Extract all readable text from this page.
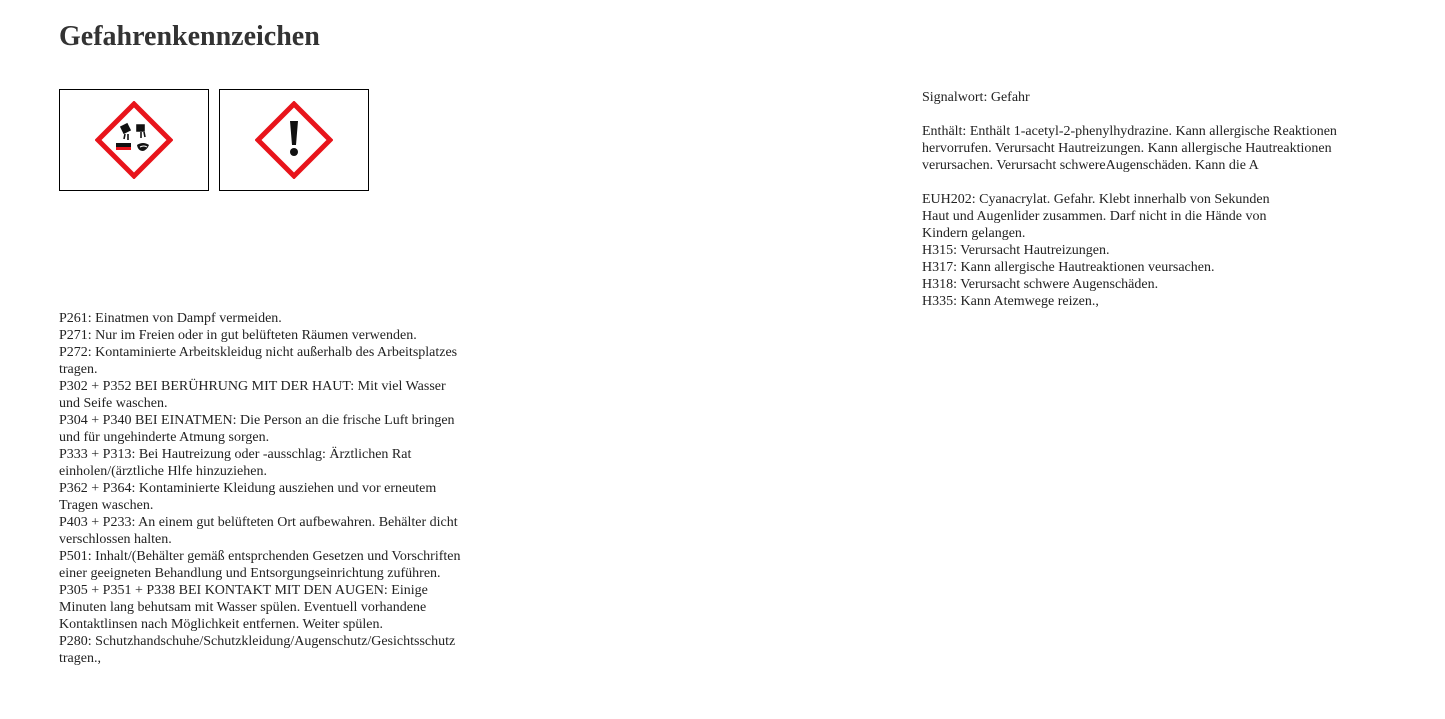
Gefahrenkennzeichen

Signalwort: Gefahr

Enthält: Enthält 1-acetyl-2-phenylhydrazine. Kann allergische Reaktionen

hervorrufen. Verursacht Hautreizungen. Kann allergische Hautreaktionen

verursachen. Verursacht schwereAugenschäden. Kann die A

EUH202: Cyanacrylat. Gefahr. Klebt innerhalb von Sekunden

Haut und Augenlider zusammen. Darf nicht in die Hände von

Kindern gelangen.

H315: Verursacht Hautreizungen.

H317: Kann allergische Hautreaktionen veursachen.

H318: Verursacht schwere Augenschäden.

H335: Kann Atemwege reizen.,

P261: Einatmen von Dampf vermeiden.

P271: Nur im Freien oder in gut belüfteten Räumen verwenden.

P272: Kontaminierte Arbeitskleidug nicht außerhalb des Arbeitsplatzes

tragen.

P302 + P352 BEI BERÜHRUNG MIT DER HAUT: Mit viel Wasser

und Seife waschen.

P304 + P340 BEI EINATMEN: Die Person an die frische Luft bringen

und für ungehinderte Atmung sorgen.

P333 + P313: Bei Hautreizung oder -ausschlag: Ärztlichen Rat

einholen/(ärztliche Hlfe hinzuziehen.

P362 + P364: Kontaminierte Kleidung ausziehen und vor erneutem

Tragen waschen.

P403 + P233: An einem gut belüfteten Ort aufbewahren. Behälter dicht

verschlossen halten.

P501: Inhalt/(Behälter gemäß entsprchenden Gesetzen und Vorschriften

einer geeigneten Behandlung und Entsorgungseinrichtung zuführen.

P305 + P351 + P338 BEI KONTAKT MIT DEN AUGEN: Einige

Minuten lang behutsam mit Wasser spülen. Eventuell vorhandene

Kontaktlinsen nach Möglichkeit entfernen. Weiter spülen.

P280: Schutzhandschuhe/Schutzkleidung/Augenschutz/Gesichtsschutz

tragen.,
